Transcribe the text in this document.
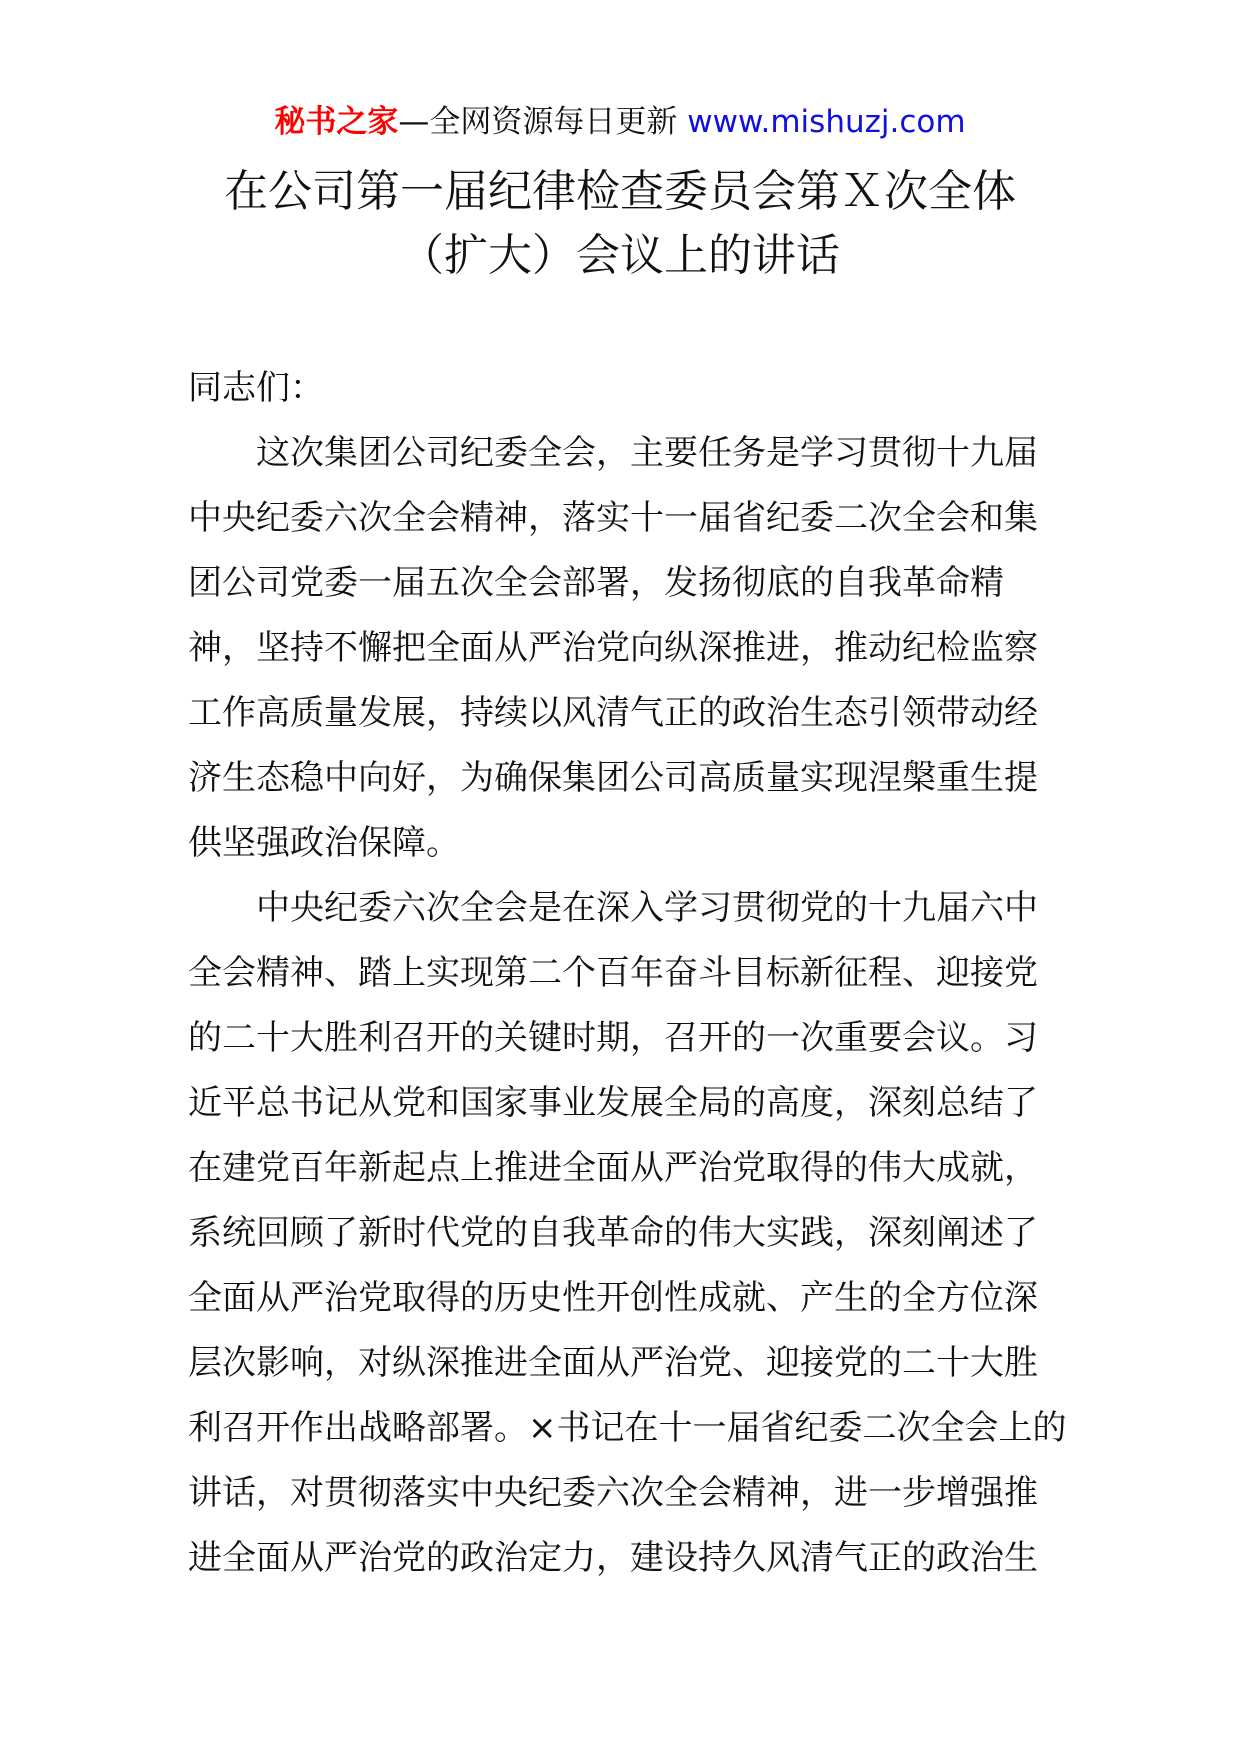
秘书之家—全网资源每日更新 www.mishuzj.com
在公司第一届纪律检查委员会第Ｘ次全体
（扩大）会议上的讲话
同志们：
这次集团公司纪委全会，主要任务是学习贯彻十九届
中央纪委六次全会精神，落实十一届省纪委二次全会和集
团公司党委一届五次全会部署，发扬彻底的自我革命精
神，坚持不懈把全面从严治党向纵深推进，推动纪检监察
工作高质量发展，持续以风清气正的政治生态引领带动经
济生态稳中向好，为确保集团公司高质量实现涅槃重生提
供坚强政治保障。
中央纪委六次全会是在深入学习贯彻党的十九届六中
全会精神、踏上实现第二个百年奋斗目标新征程、迎接党
的二十大胜利召开的关键时期，召开的一次重要会议。习
近平总书记从党和国家事业发展全局的高度，深刻总结了
在建党百年新起点上推进全面从严治党取得的伟大成就，
系统回顾了新时代党的自我革命的伟大实践，深刻阐述了
全面从严治党取得的历史性开创性成就、产生的全方位深
层次影响，对纵深推进全面从严治党、迎接党的二十大胜
利召开作出战略部署。×书记在十一届省纪委二次全会上的
讲话，对贯彻落实中央纪委六次全会精神，进一步增强推
进全面从严治党的政治定力，建设持久风清气正的政治生
